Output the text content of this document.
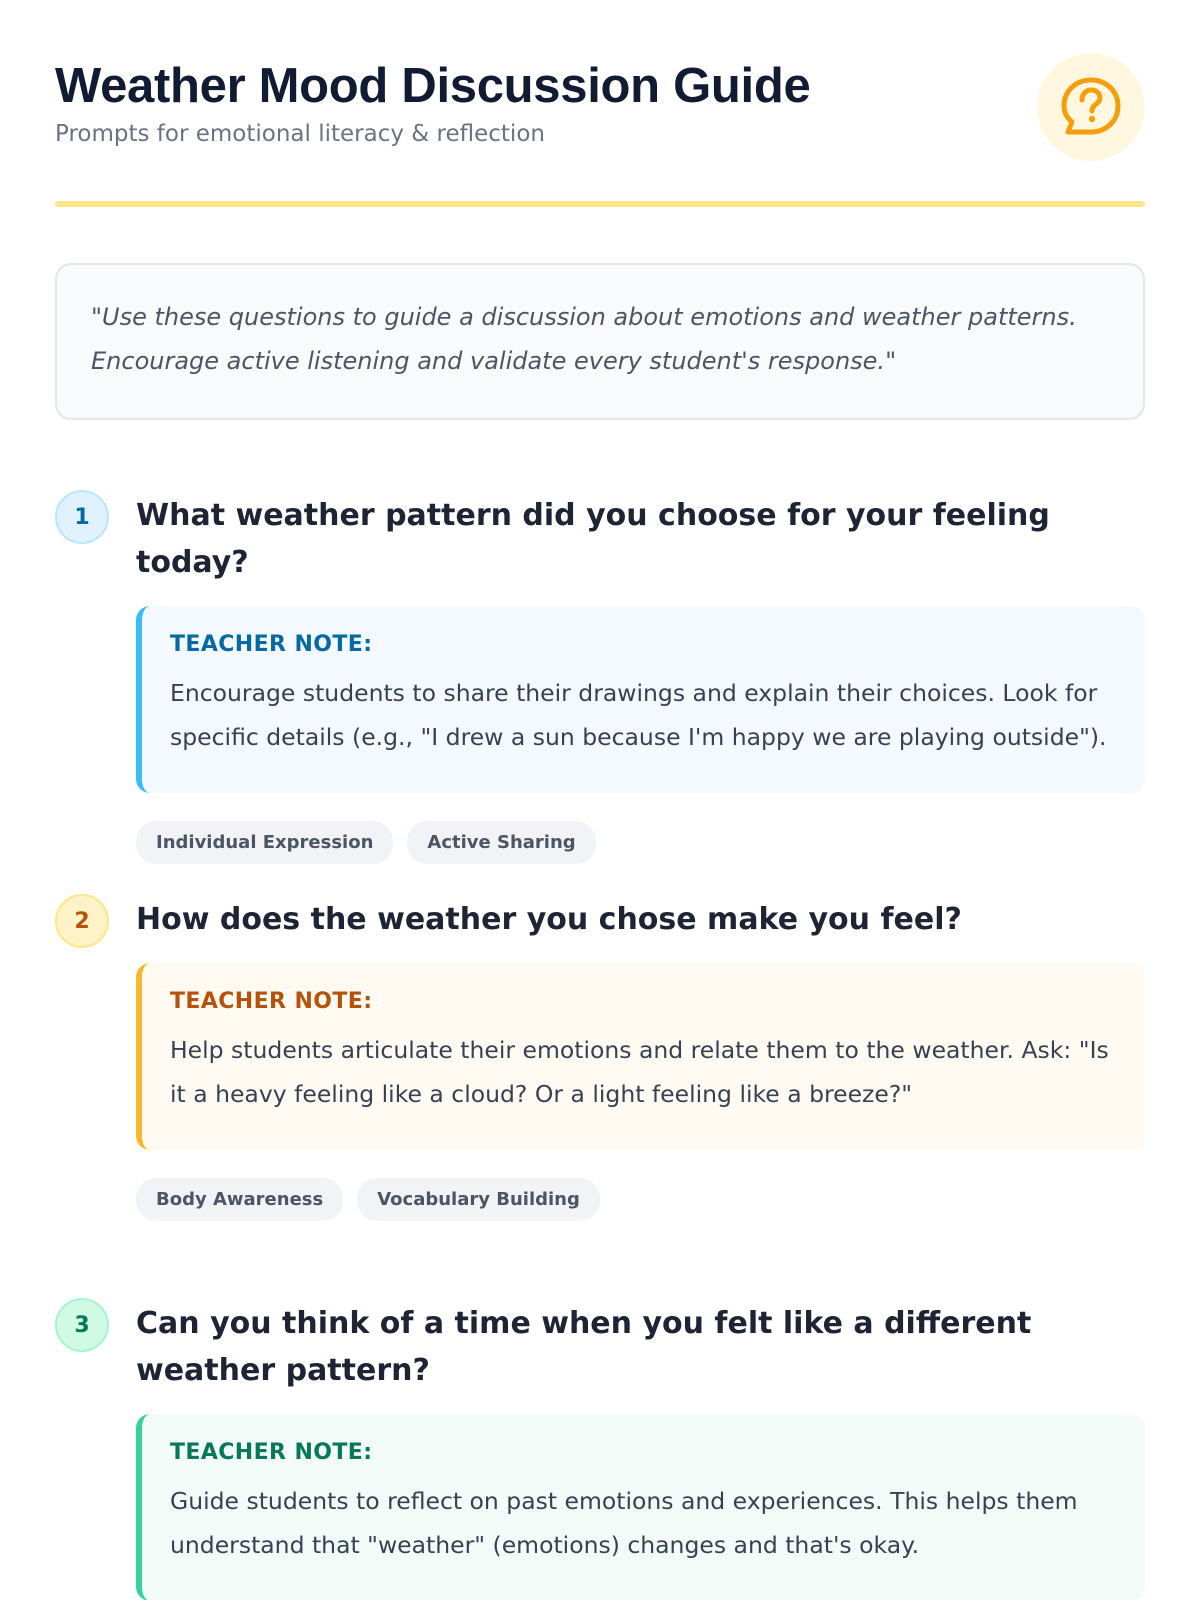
Weather Mood Discussion Guide
Prompts for emotional literacy & reflection

"Use these questions to guide a discussion about emotions and weather patterns. Encourage active listening and validate every student's response."

1	What weather pattern did you choose for your feeling today?
TEACHER NOTE:
Encourage students to share their drawings and explain their choices. Look for specific details (e.g., "I drew a sun because I'm happy we are playing outside").
Individual Expression	Active Sharing
2	How does the weather you chose make you feel?
TEACHER NOTE:
Help students articulate their emotions and relate them to the weather. Ask: "Is it a heavy feeling like a cloud? Or a light feeling like a breeze?"
Body Awareness	Vocabulary Building
3	Can you think of a time when you felt like a different weather pattern?
TEACHER NOTE:
Guide students to reflect on past emotions and experiences. This helps them understand that "weather" (emotions) changes and that's okay.
